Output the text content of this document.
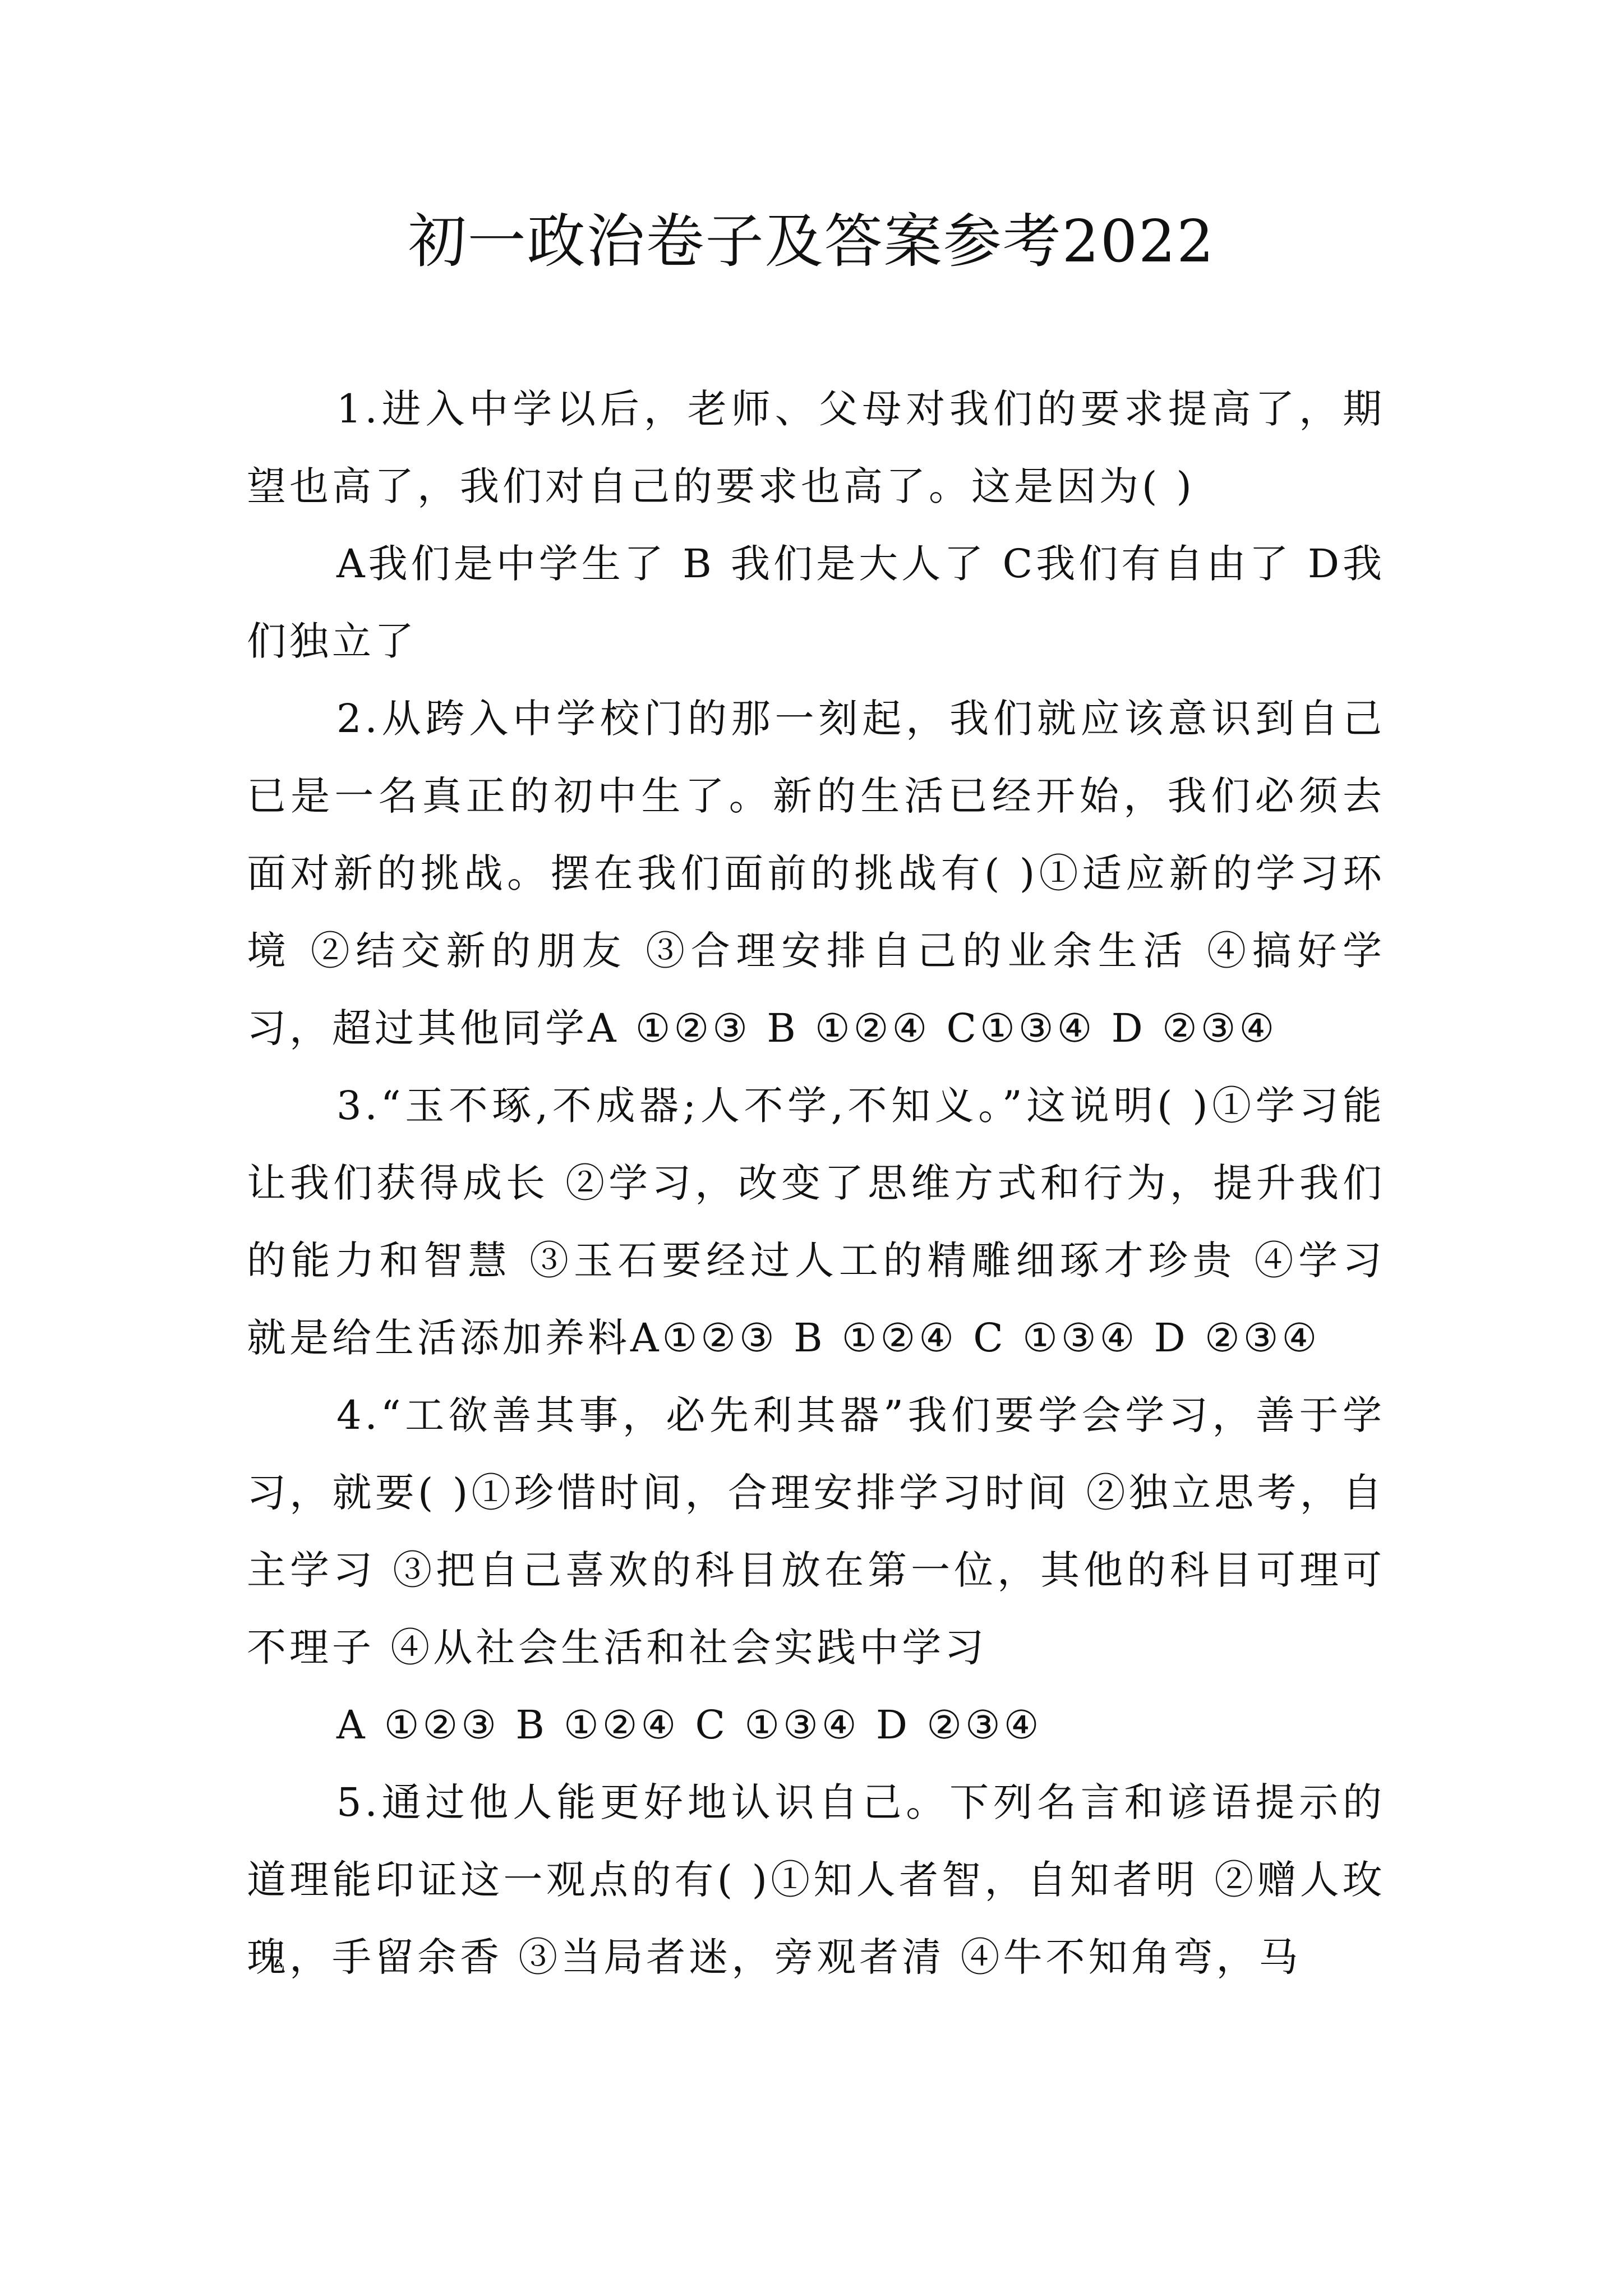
初一政治卷子及答案参考2022

1.进入中学以后，老师、父母对我们的要求提高了，期望也高了，我们对自己的要求也高了。这是因为( )

A我们是中学生了 B 我们是大人了 C我们有自由了 D我们独立了

2.从跨入中学校门的那一刻起，我们就应该意识到自己已是一名真正的初中生了。新的生活已经开始，我们必须去面对新的挑战。摆在我们面前的挑战有( )①适应新的学习环境 ②结交新的朋友 ③合理安排自己的业余生活 ④搞好学习，超过其他同学A ①②③ B ①②④ C①③④ D ②③④

3.“玉不琢,不成器;人不学,不知义。”这说明( )①学习能让我们获得成长 ②学习，改变了思维方式和行为，提升我们的能力和智慧 ③玉石要经过人工的精雕细琢才珍贵 ④学习就是给生活添加养料A①②③ B ①②④ C ①③④ D ②③④

4.“工欲善其事，必先利其器”我们要学会学习，善于学习，就要( )①珍惜时间，合理安排学习时间 ②独立思考，自主学习 ③把自己喜欢的科目放在第一位，其他的科目可理可不理子 ④从社会生活和社会实践中学习

A ①②③ B ①②④ C ①③④ D ②③④

5.通过他人能更好地认识自己。下列名言和谚语提示的道理能印证这一观点的有( )①知人者智，自知者明 ②赠人玫瑰，手留余香 ③当局者迷，旁观者清 ④牛不知角弯，马
